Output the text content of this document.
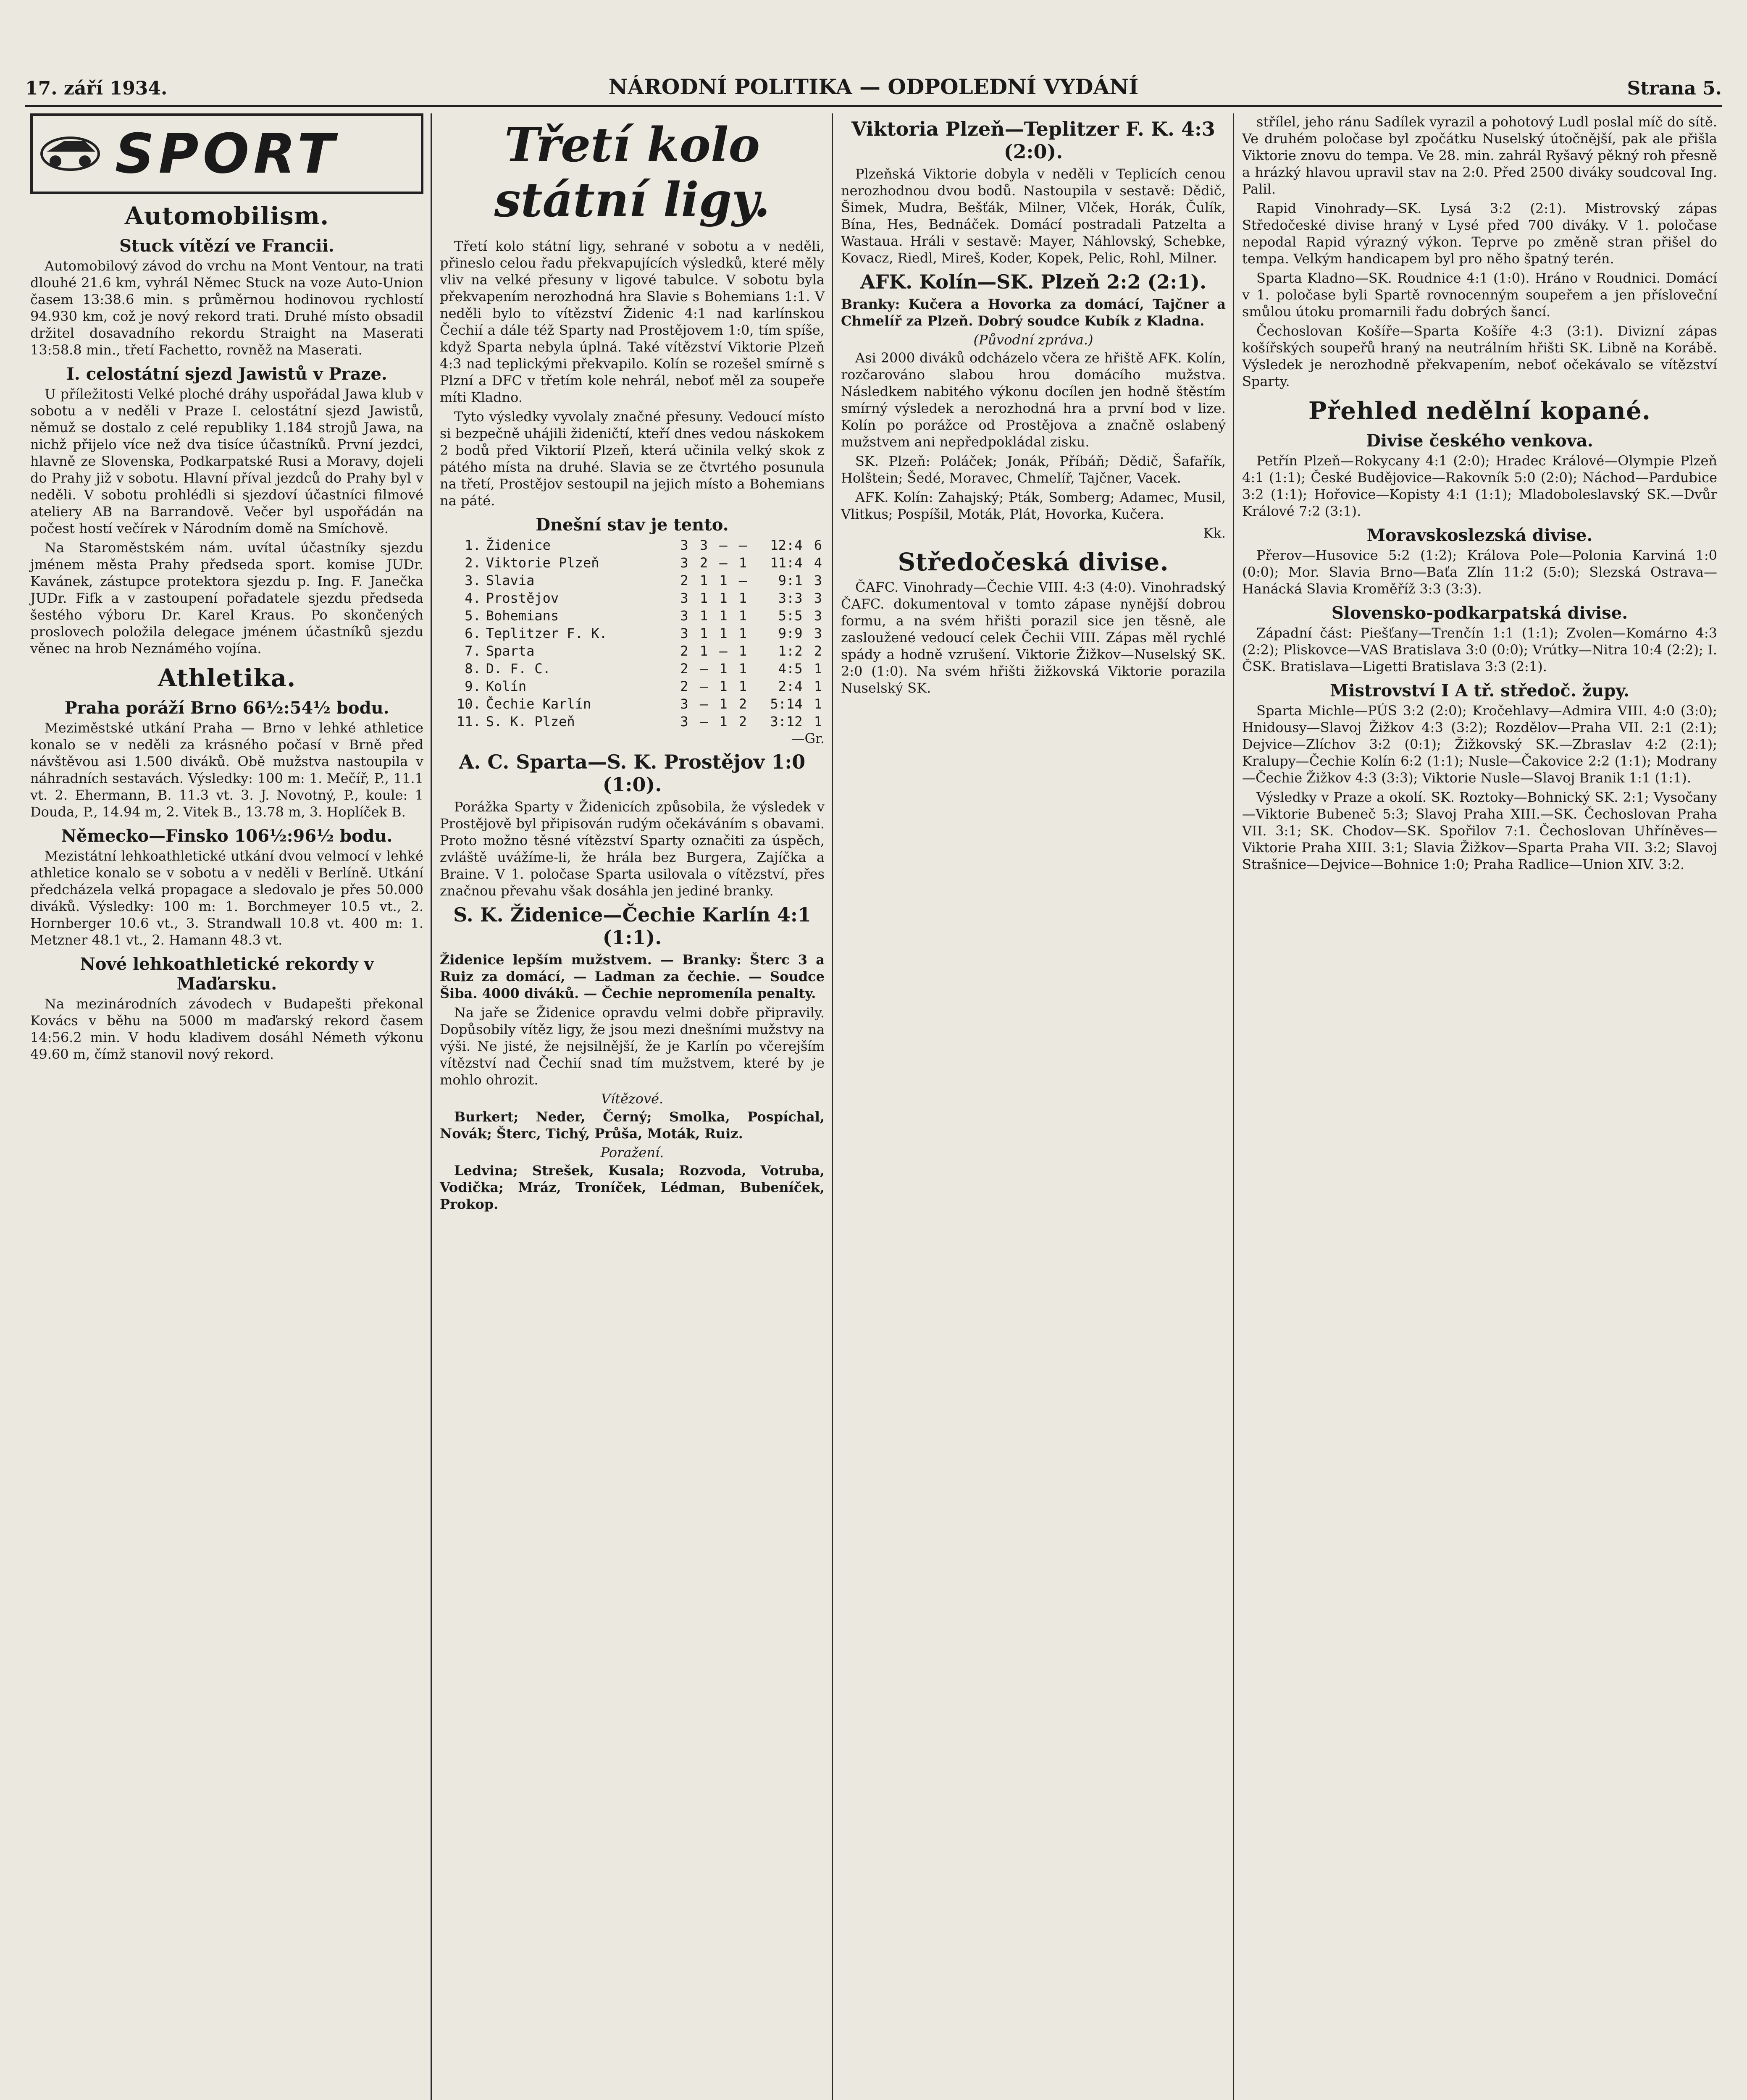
17. září 1934.	NÁRODNÍ POLITIKA — ODPOLEDNÍ VYDÁNÍ	Strana 5.
SPORT
Automobilism.
Stuck vítězí ve Francii.

Automobilový závod do vrchu na Mont Ventour, na trati dlouhé 21.6 km, vyhrál Němec Stuck na voze Auto-Union časem 13:38.6 min. s průměrnou hodinovou rychlostí 94.930 km, což je nový rekord trati. Druhé místo obsadil držitel dosavadního rekordu Straight na Maserati 13:58.8 min., třetí Fachetto, rovněž na Maserati.

I. celostátní sjezd Jawistů v Praze.

U příležitosti Velké ploché dráhy uspořádal Jawa klub v sobotu a v neděli v Praze I. celostátní sjezd Jawistů, němuž se dostalo z celé republiky 1.184 strojů Jawa, na nichž přijelo více než dva tisíce účastníků. První jezdci, hlavně ze Slovenska, Podkarpatské Rusi a Moravy, dojeli do Prahy již v sobotu. Hlavní příval jezdců do Prahy byl v neděli. V sobotu prohlédli si sjezdoví účastníci filmové ateliery AB na Barrandově. Večer byl uspořádán na počest hostí večírek v Národním domě na Smíchově.

Na Staroměstském nám. uvítal účastníky sjezdu jménem města Prahy předseda sport. komise JUDr. Kavánek, zástupce protektora sjezdu p. Ing. F. Janečka JUDr. Fifk a v zastoupení pořadatele sjezdu předseda šestého výboru Dr. Karel Kraus. Po skončených proslovech položila delegace jménem účastníků sjezdu věnec na hrob Neznámého vojína.

Athletika.
Praha poráží Brno 66½:54½ bodu.

Meziměstské utkání Praha — Brno v lehké athletice konalo se v neděli za krásného počasí v Brně před návštěvou asi 1.500 diváků. Obě mužstva nastoupila v náhradních sestavách. Výsledky: 100 m: 1. Mečíř, P., 11.1 vt. 2. Ehermann, B. 11.3 vt. 3. J. Novotný, P., koule: 1 Douda, P., 14.94 m, 2. Vitek B., 13.78 m, 3. Hoplíček B.

Německo—Finsko 106½:96½ bodu.

Mezistátní lehkoathletické utkání dvou velmocí v lehké athletice konalo se v sobotu a v neděli v Berlíně. Utkání předcházela velká propagace a sledovalo je přes 50.000 diváků. Výsledky: 100 m: 1. Borchmeyer 10.5 vt., 2. Hornberger 10.6 vt., 3. Strandwall 10.8 vt. 400 m: 1. Metzner 48.1 vt., 2. Hamann 48.3 vt.

Nové lehkoathletické rekordy v Maďarsku.

Na mezinárodních závodech v Budapešti překonal Kovács v běhu na 5000 m maďarský rekord časem 14:56.2 min. V hodu kladivem dosáhl Németh výkonu 49.60 m, čímž stanovil nový rekord.

Třetí kolo státní ligy.

Třetí kolo státní ligy, sehrané v sobotu a v neděli, přineslo celou řadu překvapujících výsledků, které měly vliv na velké přesuny v ligové tabulce. V sobotu byla překvapením nerozhodná hra Slavie s Bohemians 1:1. V neděli bylo to vítězství Židenic 4:1 nad karlínskou Čechií a dále též Sparty nad Prostějovem 1:0, tím spíše, když Sparta nebyla úplná. Také vítězství Viktorie Plzeň 4:3 nad teplickými překvapilo. Kolín se rozešel smírně s Plzní a DFC v třetím kole nehrál, neboť měl za soupeře míti Kladno.

Tyto výsledky vyvolaly značné přesuny. Vedoucí místo si bezpečně uhájili žideničtí, kteří dnes vedou náskokem 2 bodů před Viktorií Plzeň, která učinila velký skok z pátého místa na druhé. Slavia se ze čtvrtého posunula na třetí, Prostějov sestoupil na jejich místo a Bohemians na páté.

Dnešní stav je tento.
1.	Židenice	3	3	—	—	12:4	6
2.	Viktorie Plzeň	3	2	—	1	11:4	4
3.	Slavia	2	1	1	—	9:1	3
4.	Prostějov	3	1	1	1	3:3	3
5.	Bohemians	3	1	1	1	5:5	3
6.	Teplitzer F. K.	3	1	1	1	9:9	3
7.	Sparta	2	1	—	1	1:2	2
8.	D. F. C.	2	—	1	1	4:5	1
9.	Kolín	2	—	1	1	2:4	1
10.	Čechie Karlín	3	—	1	2	5:14	1
11.	S. K. Plzeň	3	—	1	2	3:12	1
—Gr.
A. C. Sparta—S. K. Prostějov 1:0 (1:0).

Porážka Sparty v Židenicích způsobila, že výsledek v Prostějově byl připisován rudým očekáváním s obavami. Proto možno těsné vítězství Sparty označiti za úspěch, zvláště uvážíme-li, že hrála bez Burgera, Zajíčka a Braine. V 1. poločase Sparta usilovala o vítězství, přes značnou převahu však dosáhla jen jediné branky.

S. K. Židenice—Čechie Karlín 4:1 (1:1).

Židenice lepším mužstvem. — Branky: Šterc 3 a Ruiz za domácí, — Ladman za čechie. — Soudce Šiba. 4000 diváků. — Čechie nepromeníla penalty.

Na jaře se Židenice opravdu velmi dobře připravily. Dopůsobily vítěz ligy, že jsou mezi dnešními mužstvy na výši. Ne jisté, že nejsilnější, že je Karlín po včerejším vítězství nad Čechií snad tím mužstvem, které by je mohlo ohrozit.

Vítězové.

Burkert; Neder, Černý; Smolka, Pospíchal, Novák; Šterc, Tichý, Průša, Moták, Ruiz.

Poražení.

Ledvina; Strešek, Kusala; Rozvoda, Votruba, Vodička; Mráz, Troníček, Lédman, Bubeníček, Prokop.

Viktoria Plzeň—Teplitzer F. K. 4:3 (2:0).

Plzeňská Viktorie dobyla v neděli v Teplicích cenou nerozhodnou dvou bodů. Nastoupila v sestavě: Dědič, Šimek, Mudra, Bešťák, Milner, Vlček, Horák, Čulík, Bína, Hes, Bednáček. Domácí postradali Patzelta a Wastaua. Hráli v sestavě: Mayer, Náhlovský, Schebke, Kovacz, Riedl, Mireš, Koder, Kopek, Pelic, Rohl, Milner.

AFK. Kolín—SK. Plzeň 2:2 (2:1).

Branky: Kučera a Hovorka za domácí, Tajčner a Chmelíř za Plzeň. Dobrý soudce Kubík z Kladna.

(Původní zpráva.)

Asi 2000 diváků odcházelo včera ze hřiště AFK. Kolín, rozčarováno slabou hrou domácího mužstva. Následkem nabitého výkonu docílen jen hodně štěstím smírný výsledek a nerozhodná hra a první bod v lize. Kolín po porážce od Prostějova a značně oslabený mužstvem ani nepředpokládal zisku.

SK. Plzeň: Poláček; Jonák, Příbáň; Dědič, Šafařík, Holštein; Šedé, Moravec, Chmelíř, Tajčner, Vacek.

AFK. Kolín: Zahajský; Pták, Somberg; Adamec, Musil, Vlitkus; Pospíšil, Moták, Plát, Hovorka, Kučera.

Kk.
Středočeská divise.

ČAFC. Vinohrady—Čechie VIII. 4:3 (4:0). Vinohradský ČAFC. dokumentoval v tomto zápase nynější dobrou formu, a na svém hřišti porazil sice jen těsně, ale zasloužené vedoucí celek Čechii VIII. Zápas měl rychlé spády a hodně vzrušení. Viktorie Žižkov—Nuselský SK. 2:0 (1:0). Na svém hřišti žižkovská Viktorie porazila Nuselský SK.

střílel, jeho ránu Sadílek vyrazil a pohotový Ludl poslal míč do sítě. Ve druhém poločase byl zpočátku Nuselský útočnější, pak ale přišla Viktorie znovu do tempa. Ve 28. min. zahrál Ryšavý pěkný roh přesně a hrázký hlavou upravil stav na 2:0. Před 2500 diváky soudcoval Ing. Palil.

Rapid Vinohrady—SK. Lysá 3:2 (2:1). Mistrovský zápas Středočeské divise hraný v Lysé před 700 diváky. V 1. poločase nepodal Rapid výrazný výkon. Teprve po změně stran přišel do tempa. Velkým handicapem byl pro něho špatný terén.

Sparta Kladno—SK. Roudnice 4:1 (1:0). Hráno v Roudnici. Domácí v 1. poločase byli Spartě rovnocenným soupeřem a jen přísloveční smůlou útoku promarnili řadu dobrých šancí.

Čechoslovan Košíře—Sparta Košíře 4:3 (3:1). Divizní zápas košířských soupeřů hraný na neutrálním hřišti SK. Libně na Korábě. Výsledek je nerozhodně překvapením, neboť očekávalo se vítězství Sparty.

Přehled nedělní kopané.
Divise českého venkova.

Petřín Plzeň—Rokycany 4:1 (2:0); Hradec Králové—Olympie Plzeň 4:1 (1:1); České Budějovice—Rakovník 5:0 (2:0); Náchod—Pardubice 3:2 (1:1); Hořovice—Kopisty 4:1 (1:1); Mladoboleslavský SK.—Dvůr Králové 7:2 (3:1).

Moravskoslezská divise.

Přerov—Husovice 5:2 (1:2); Králova Pole—Polonia Karviná 1:0 (0:0); Mor. Slavia Brno—Baťa Zlín 11:2 (5:0); Slezská Ostrava—Hanácká Slavia Kroměříž 3:3 (3:3).

Slovensko-podkarpatská divise.

Západní část: Piešťany—Trenčín 1:1 (1:1); Zvolen—Komárno 4:3 (2:2); Pliskovce—VAS Bratislava 3:0 (0:0); Vrútky—Nitra 10:4 (2:2); I. ČSK. Bratislava—Ligetti Bratislava 3:3 (2:1).

Mistrovství I A tř. středoč. župy.

Sparta Michle—PÚS 3:2 (2:0); Kročehlavy—Admira VIII. 4:0 (3:0); Hnidousy—Slavoj Žižkov 4:3 (3:2); Rozdělov—Praha VII. 2:1 (2:1); Dejvice—Zlíchov 3:2 (0:1); Žižkovský SK.—Zbraslav 4:2 (2:1); Kralupy—Čechie Kolín 6:2 (1:1); Nusle—Čakovice 2:2 (1:1); Modrany—Čechie Žižkov 4:3 (3:3); Viktorie Nusle—Slavoj Branik 1:1 (1:1).

Výsledky v Praze a okolí. SK. Roztoky—Bohnický SK. 2:1; Vysočany—Viktorie Bubeneč 5:3; Slavoj Praha XIII.—SK. Čechoslovan Praha VII. 3:1; SK. Chodov—SK. Spořilov 7:1. Čechoslovan Uhříněves—Viktorie Praha XIII. 3:1; Slavia Žižkov—Sparta Praha VII. 3:2; Slavoj Strašnice—Dejvice—Bohnice 1:0; Praha Radlice—Union XIV. 3:2.
